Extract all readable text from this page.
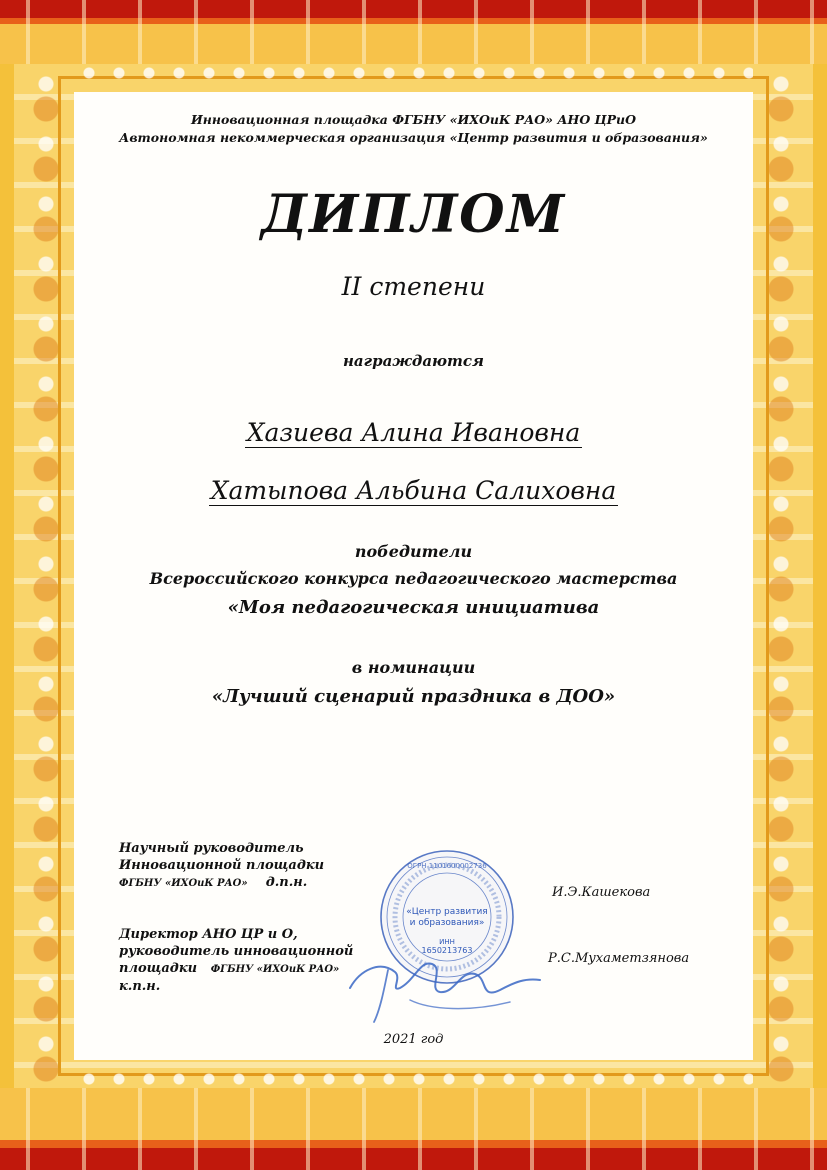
Инновационная площадка ФГБНУ «ИХОиК РАО» АНО ЦРиО
Автономная некоммерческая организация «Центр развития и образования»
ДИПЛОМ
II степени
награждаются
Хазиева Алина Ивановна
Хатыпова Альбина Салиховна
победители
Всероссийского конкурса педагогического мастерства
«Моя педагогическая инициатива
в номинации
«Лучший сценарий праздника в ДОО»
Научный руководитель
Инновационной площадки
ФГБНУ «ИХОиК РАО» д.п.н.
И.Э.Кашекова
Директор АНО ЦР и О,
руководитель инновационной
площадки ФГБНУ «ИХОиК РАО»
к.п.н.
Р.С.Мухаметзянова
ОГРН 1101600002736
«Центр развития
и образования»
ИНН
1650213763
2021 год
